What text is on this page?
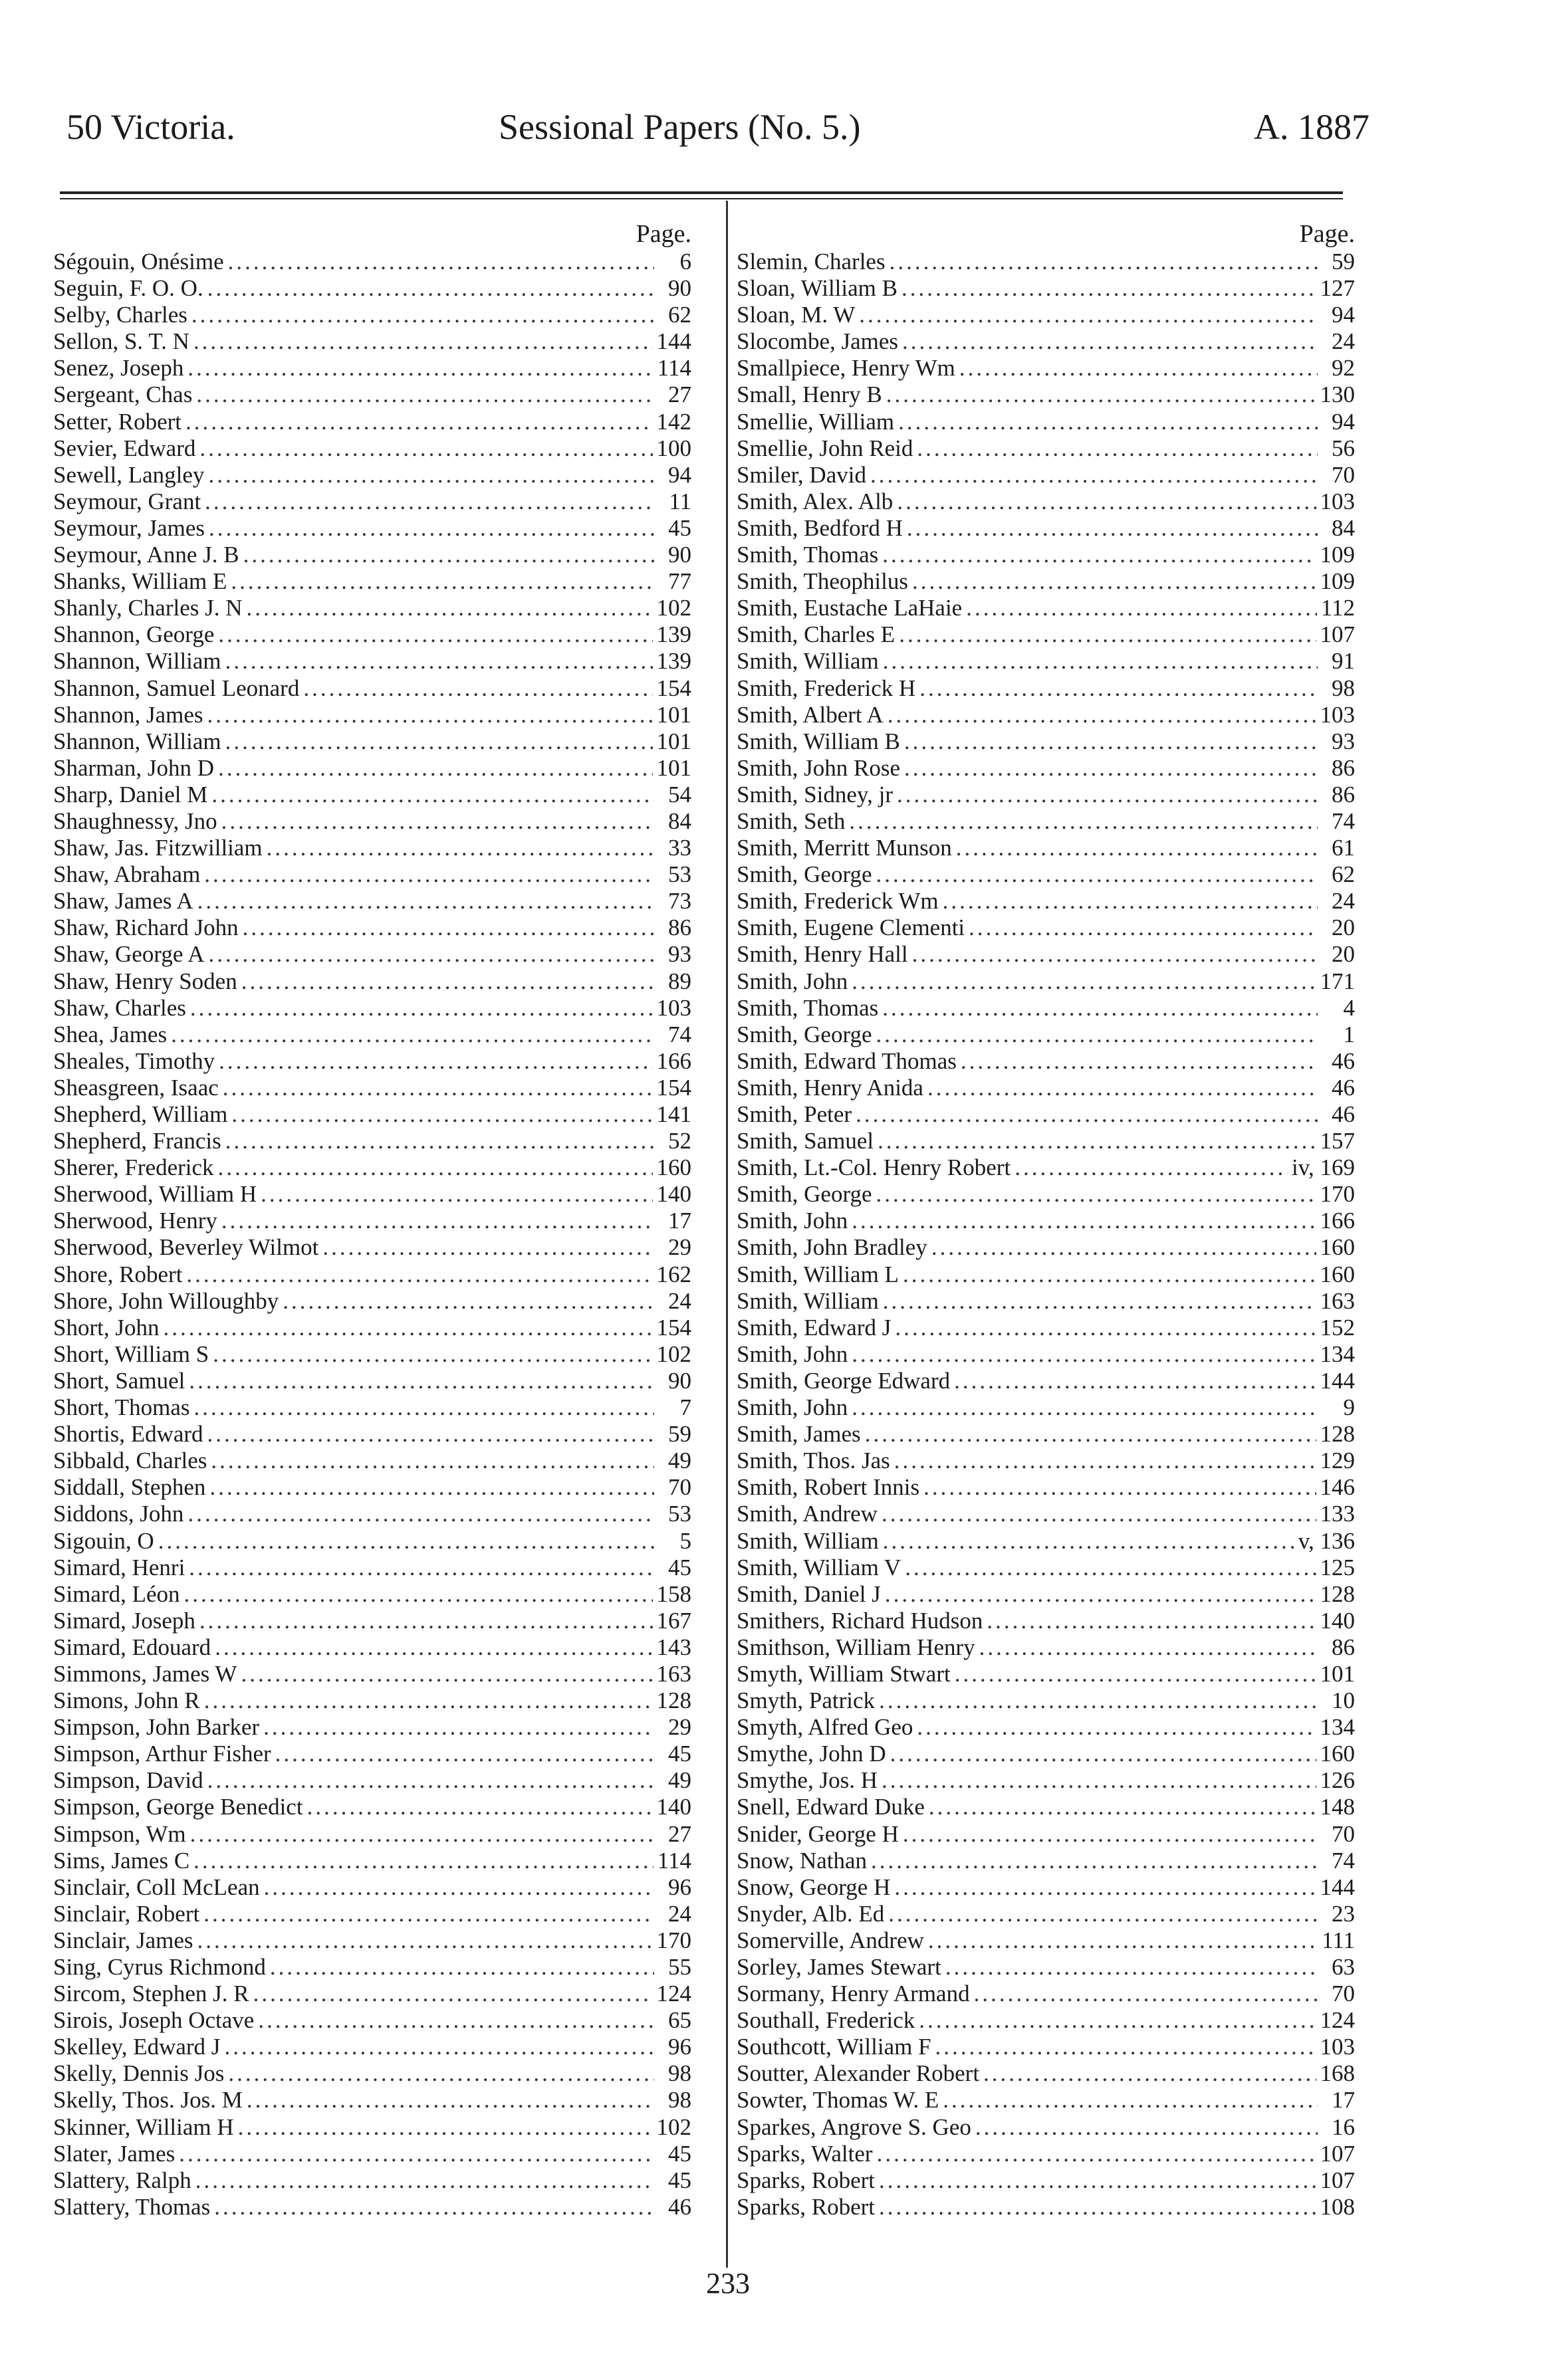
50 Victoria.	Sessional Papers (No. 5.)	A. 1887
Page.
Ségouin, Onésime .....	6
Seguin, F. O. O. .....	90
Selby, Charles .....	62
Sellon, S. T. N .....	144
Senez, Joseph .....	114
Sergeant, Chas .....	27
Setter, Robert .....	142
Sevier, Edward .....	100
Sewell, Langley .....	94
Seymour, Grant .....	11
Seymour, James .....	45
Seymour, Anne J. B .....	90
Shanks, William E .....	77
Shanly, Charles J. N .....	102
Shannon, George .....	139
Shannon, William .....	139
Shannon, Samuel Leonard .....	154
Shannon, James .....	101
Shannon, William .....	101
Sharman, John D .....	101
Sharp, Daniel M .....	54
Shaughnessy, Jno .....	84
Shaw, Jas. Fitzwilliam .....	33
Shaw, Abraham .....	53
Shaw, James A .....	73
Shaw, Richard John .....	86
Shaw, George A .....	93
Shaw, Henry Soden .....	89
Shaw, Charles .....	103
Shea, James .....	74
Sheales, Timothy .....	166
Sheasgreen, Isaac .....	154
Shepherd, William .....	141
Shepherd, Francis .....	52
Sherer, Frederick .....	160
Sherwood, William H .....	140
Sherwood, Henry .....	17
Sherwood, Beverley Wilmot .....	29
Shore, Robert .....	162
Shore, John Willoughby .....	24
Short, John .....	154
Short, William S .....	102
Short, Samuel .....	90
Short, Thomas .....	7
Shortis, Edward .....	59
Sibbald, Charles .....	49
Siddall, Stephen .....	70
Siddons, John .....	53
Sigouin, O .....	5
Simard, Henri .....	45
Simard, Léon .....	158
Simard, Joseph .....	167
Simard, Edouard .....	143
Simmons, James W .....	163
Simons, John R .....	128
Simpson, John Barker .....	29
Simpson, Arthur Fisher .....	45
Simpson, David .....	49
Simpson, George Benedict .....	140
Simpson, Wm .....	27
Sims, James C .....	114
Sinclair, Coll McLean .....	96
Sinclair, Robert .....	24
Sinclair, James .....	170
Sing, Cyrus Richmond .....	55
Sircom, Stephen J. R .....	124
Sirois, Joseph Octave .....	65
Skelley, Edward J .....	96
Skelly, Dennis Jos .....	98
Skelly, Thos. Jos. M .....	98
Skinner, William H .....	102
Slater, James .....	45
Slattery, Ralph .....	45
Slattery, Thomas .....	46
Page.
Slemin, Charles .....	59
Sloan, William B .....	127
Sloan, M. W .....	94
Slocombe, James .....	24
Smallpiece, Henry Wm .....	92
Small, Henry B .....	130
Smellie, William .....	94
Smellie, John Reid .....	56
Smiler, David .....	70
Smith, Alex. Alb .....	103
Smith, Bedford H .....	84
Smith, Thomas .....	109
Smith, Theophilus .....	109
Smith, Eustache LaHaie .....	112
Smith, Charles E .....	107
Smith, William .....	91
Smith, Frederick H .....	98
Smith, Albert A .....	103
Smith, William B .....	93
Smith, John Rose .....	86
Smith, Sidney, jr .....	86
Smith, Seth .....	74
Smith, Merritt Munson .....	61
Smith, George .....	62
Smith, Frederick Wm .....	24
Smith, Eugene Clementi .....	20
Smith, Henry Hall .....	20
Smith, John .....	171
Smith, Thomas .....	4
Smith, George .....	1
Smith, Edward Thomas .....	46
Smith, Henry Anida .....	46
Smith, Peter .....	46
Smith, Samuel .....	157
Smith, Lt.-Col. Henry Robert .....	iv, 169
Smith, George .....	170
Smith, John .....	166
Smith, John Bradley .....	160
Smith, William L .....	160
Smith, William .....	163
Smith, Edward J .....	152
Smith, John .....	134
Smith, George Edward .....	144
Smith, John .....	9
Smith, James .....	128
Smith, Thos. Jas .....	129
Smith, Robert Innis .....	146
Smith, Andrew .....	133
Smith, William .....	v, 136
Smith, William V .....	125
Smith, Daniel J .....	128
Smithers, Richard Hudson .....	140
Smithson, William Henry .....	86
Smyth, William Stwart .....	101
Smyth, Patrick .....	10
Smyth, Alfred Geo .....	134
Smythe, John D .....	160
Smythe, Jos. H .....	126
Snell, Edward Duke .....	148
Snider, George H .....	70
Snow, Nathan .....	74
Snow, George H .....	144
Snyder, Alb. Ed .....	23
Somerville, Andrew .....	111
Sorley, James Stewart .....	63
Sormany, Henry Armand .....	70
Southall, Frederick .....	124
Southcott, William F .....	103
Soutter, Alexander Robert .....	168
Sowter, Thomas W. E .....	17
Sparkes, Angrove S. Geo .....	16
Sparks, Walter .....	107
Sparks, Robert .....	107
Sparks, Robert .....	108
233
